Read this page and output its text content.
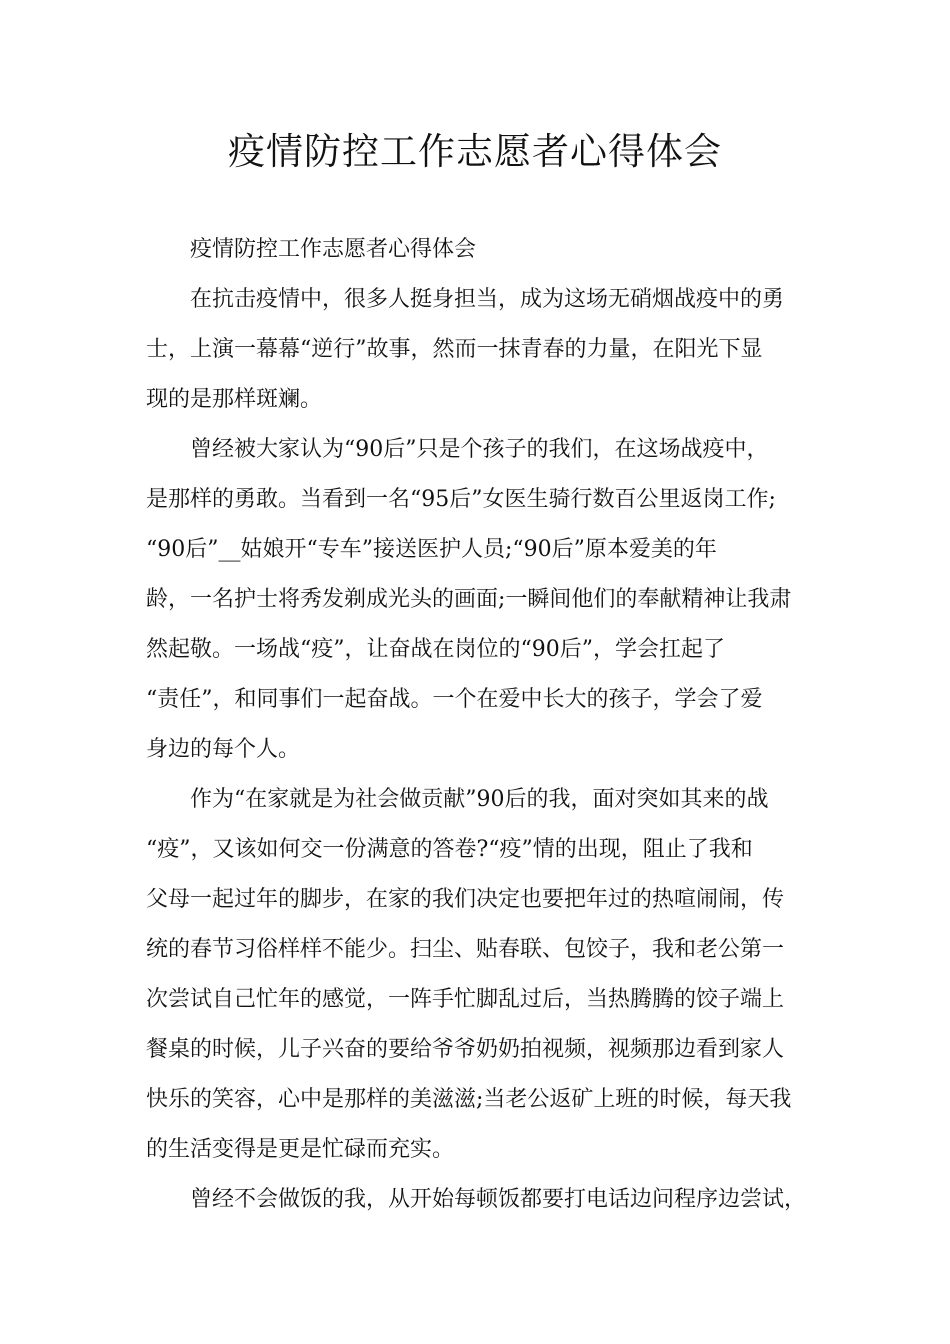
疫情防控工作志愿者心得体会
疫情防控工作志愿者心得体会
在抗击疫情中，很多人挺身担当，成为这场无硝烟战疫中的勇
士，上演一幕幕“逆行”故事，然而一抹青春的力量，在阳光下显
现的是那样斑斓。
曾经被大家认为“90后”只是个孩子的我们，在这场战疫中，
是那样的勇敢。当看到一名“95后”女医生骑行数百公里返岗工作;
“90后”__姑娘开“专车”接送医护人员;“90后”原本爱美的年
龄，一名护士将秀发剃成光头的画面;一瞬间他们的奉献精神让我肃
然起敬。一场战“疫”，让奋战在岗位的“90后”，学会扛起了
“责任”，和同事们一起奋战。一个在爱中长大的孩子，学会了爱
身边的每个人。
作为“在家就是为社会做贡献”90后的我，面对突如其来的战
“疫”，又该如何交一份满意的答卷?“疫”情的出现，阻止了我和
父母一起过年的脚步，在家的我们决定也要把年过的热喧闹闹，传
统的春节习俗样样不能少。扫尘、贴春联、包饺子，我和老公第一
次尝试自己忙年的感觉，一阵手忙脚乱过后，当热腾腾的饺子端上
餐桌的时候，儿子兴奋的要给爷爷奶奶拍视频，视频那边看到家人
快乐的笑容，心中是那样的美滋滋;当老公返矿上班的时候，每天我
的生活变得是更是忙碌而充实。
曾经不会做饭的我，从开始每顿饭都要打电话边问程序边尝试，
